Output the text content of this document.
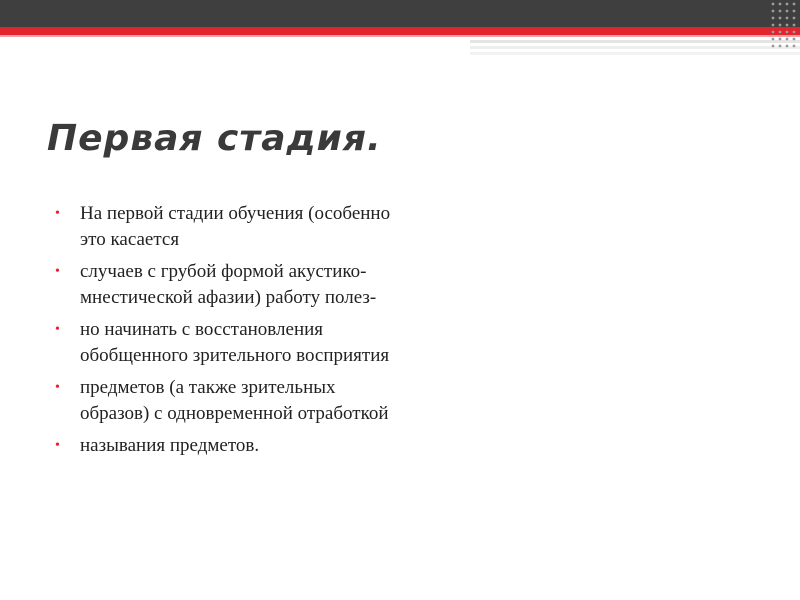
Первая стадия.
• На первой стадии обучения (особенно это касается
• случаев с грубой формой акустико-мнестической афазии) работу полез-
• но начинать с восстановления обобщенного зрительного восприятия
• предметов (а также зрительных образов) с одновременной отработкой
• называния предметов.
